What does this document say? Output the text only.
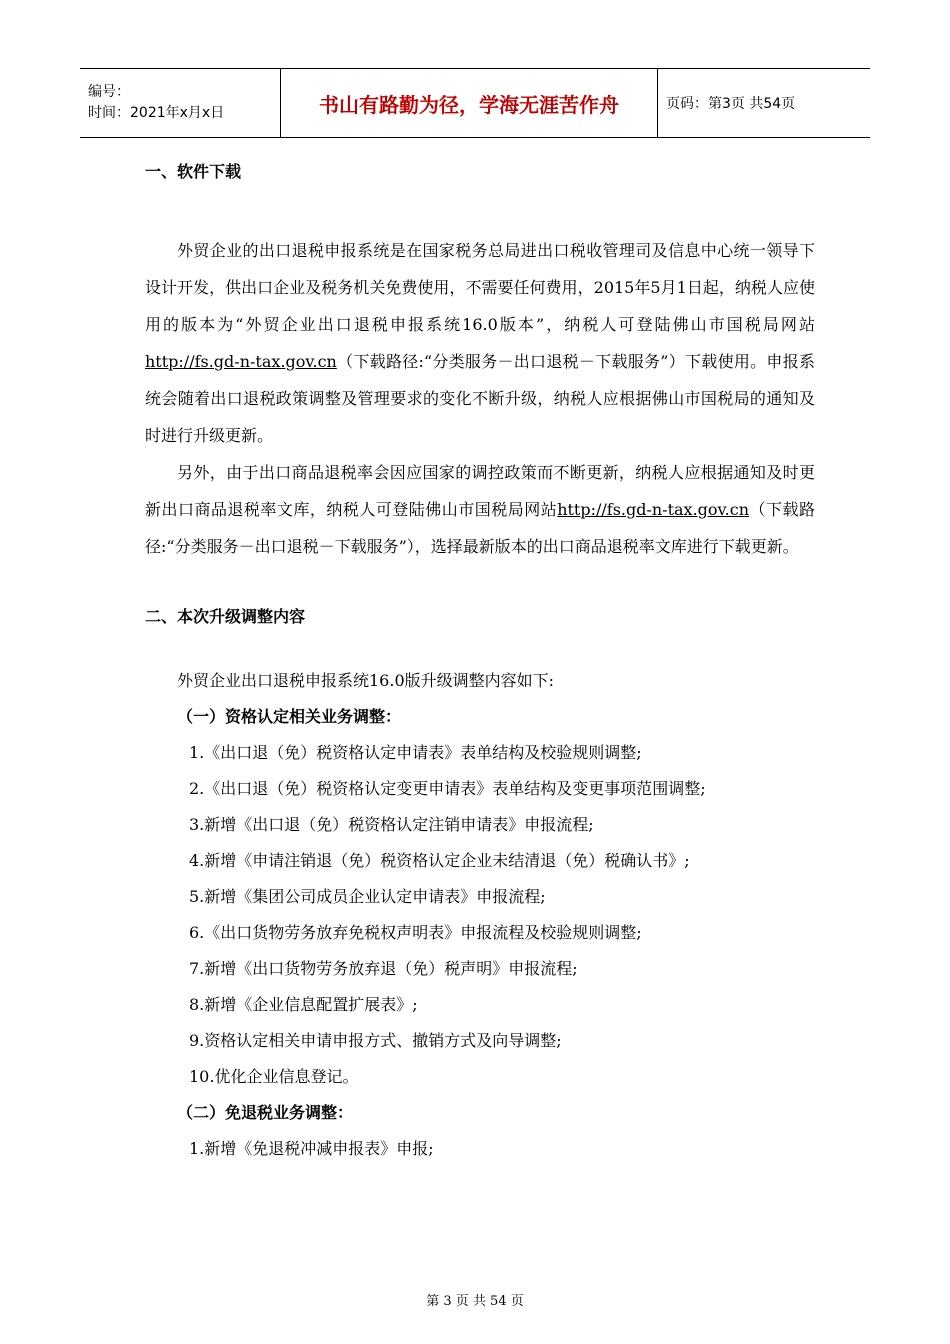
编号：
时间：2021年x月x日	书山有路勤为径，学海无涯苦作舟	页码：第3页 共54页
一、软件下载

外贸企业的出口退税申报系统是在国家税务总局进出口税收管理司及信息中心统一领导下设计开发，供出口企业及税务机关免费使用，不需要任何费用，2015年5月1日起，纳税人应使用的版本为“外贸企业出口退税申报系统16.0版本”，纳税人可登陆佛山市国税局网站http://fs.gd-n-tax.gov.cn（下载路径:“分类服务－出口退税－下载服务”）下载使用。申报系统会随着出口退税政策调整及管理要求的变化不断升级，纳税人应根据佛山市国税局的通知及时进行升级更新。

另外，由于出口商品退税率会因应国家的调控政策而不断更新，纳税人应根据通知及时更新出口商品退税率文库，纳税人可登陆佛山市国税局网站http://fs.gd-n-tax.gov.cn（下载路径:“分类服务－出口退税－下载服务”），选择最新版本的出口商品退税率文库进行下载更新。

二、本次升级调整内容

外贸企业出口退税申报系统16.0版升级调整内容如下:

（一）资格认定相关业务调整：
1.《出口退（免）税资格认定申请表》表单结构及校验规则调整;
2.《出口退（免）税资格认定变更申请表》表单结构及变更事项范围调整;
3.新增《出口退（免）税资格认定注销申请表》申报流程;
4.新增《申请注销退（免）税资格认定企业未结清退（免）税确认书》;
5.新增《集团公司成员企业认定申请表》申报流程;
6.《出口货物劳务放弃免税权声明表》申报流程及校验规则调整;
7.新增《出口货物劳务放弃退（免）税声明》申报流程;
8.新增《企业信息配置扩展表》;
9.资格认定相关申请申报方式、撤销方式及向导调整;
10.优化企业信息登记。
（二）免退税业务调整：
1.新增《免退税冲减申报表》申报;
第 3 页 共 54 页
